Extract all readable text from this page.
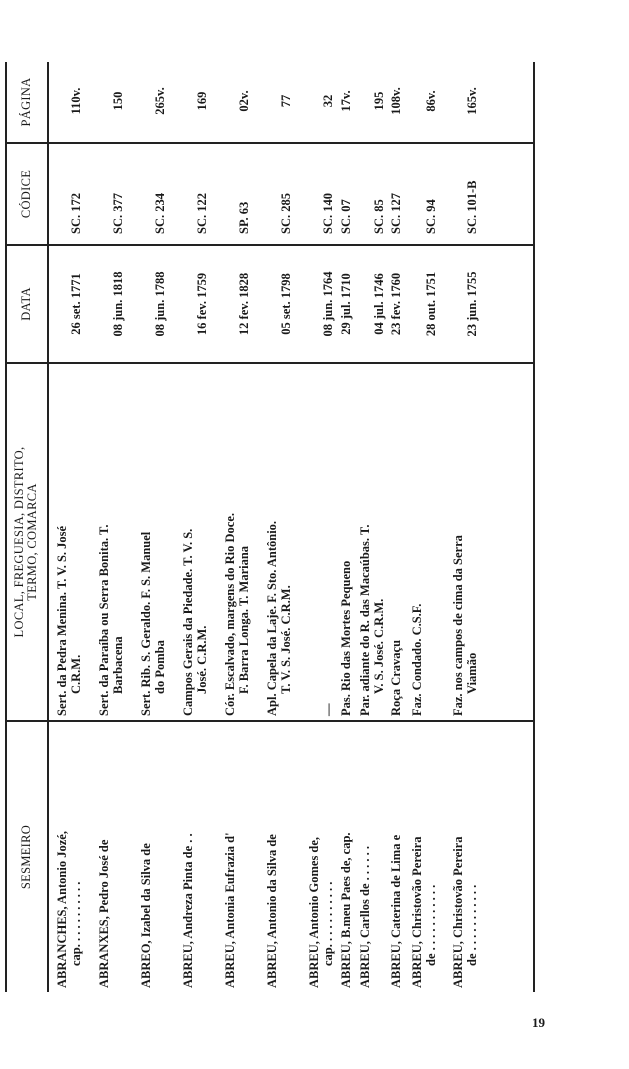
SESMEIRO
LOCAL, FREGUESIA, DISTRITO, TERMO, COMARCA
DATA
CÓDICE
PÁGINA
ABRANCHES, Antonio Jozé, cap. . . . . . . . . . .
Sert. da Pedra Menina. T. V. S. José C.R.M.
26 set. 1771
SC. 172
110v.
ABRANXES, Pedro José de
Sert. da Paraíba ou Serra Bonita. T. Barbacena
08 jun. 1818
SC. 377
150
ABREO, Izabel da Silva de
Sert. Rib. S. Geraldo. F. S. Manuel do Pomba
08 jun. 1788
SC. 234
265v.
ABREU, Andreza Pinta de . .
Campos Gerais da Piedade. T. V. S. José. C.R.M.
16 fev. 1759
SC. 122
169
ABREU, Antonia Eufrazia d'
Cór. Escalvado, margens do Rio Doce. F. Barra Longa. T. Mariana
12 fev. 1828
SP. 63
02v.
ABREU, Antonio da Silva de
Apl. Capela da Laje. F. Sto. Antônio. T. V. S. José. C.R.M.
05 set. 1798
SC. 285
77
ABREU, Antonio Gomes de, cap. . . . . . . . . . .
—
08 jun. 1764
SC. 140
32
ABREU, B.meu Paes de, cap.
Pas. Rio das Mortes Pequeno
29 jul. 1710
SC. 07
17v.
ABREU, Carllos de . . . . . .
Par. adiante do R. das Macaúbas. T. V. S. José. C.R.M.
04 jul. 1746
SC. 85
195
ABREU, Caterina de Lima e
Roça Cravaçu
23 fev. 1760
SC. 127
108v.
ABREU, Christovão Pereira de . . . . . . . . . . .
Faz. Condado. C.S.F.
28 out. 1751
SC. 94
86v.
ABREU, Christovão Pereira de . . . . . . . . . . .
Faz. nos campos de cima da Serra Viamão
23 jun. 1755
SC. 101-B
165v.
19
